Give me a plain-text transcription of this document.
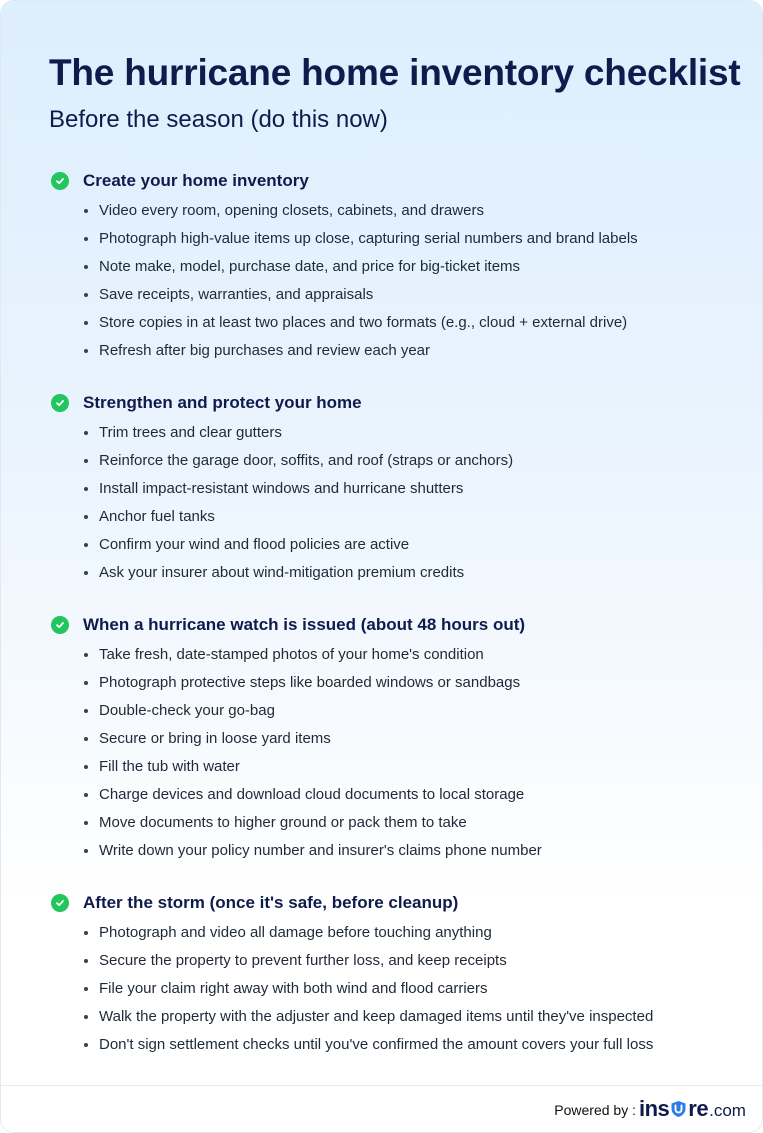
The hurricane home inventory checklist
Before the season (do this now)
Create your home inventory
Video every room, opening closets, cabinets, and drawers
Photograph high-value items up close, capturing serial numbers and brand labels
Note make, model, purchase date, and price for big-ticket items
Save receipts, warranties, and appraisals
Store copies in at least two places and two formats (e.g., cloud + external drive)
Refresh after big purchases and review each year
Strengthen and protect your home
Trim trees and clear gutters
Reinforce the garage door, soffits, and roof (straps or anchors)
Install impact-resistant windows and hurricane shutters
Anchor fuel tanks
Confirm your wind and flood policies are active
Ask your insurer about wind-mitigation premium credits
When a hurricane watch is issued (about 48 hours out)
Take fresh, date-stamped photos of your home's condition
Photograph protective steps like boarded windows or sandbags
Double-check your go-bag
Secure or bring in loose yard items
Fill the tub with water
Charge devices and download cloud documents to local storage
Move documents to higher ground or pack them to take
Write down your policy number and insurer's claims phone number
After the storm (once it's safe, before cleanup)
Photograph and video all damage before touching anything
Secure the property to prevent further loss, and keep receipts
File your claim right away with both wind and flood carriers
Walk the property with the adjuster and keep damaged items until they've inspected
Don't sign settlement checks until you've confirmed the amount covers your full loss
Powered by : ins re .com
